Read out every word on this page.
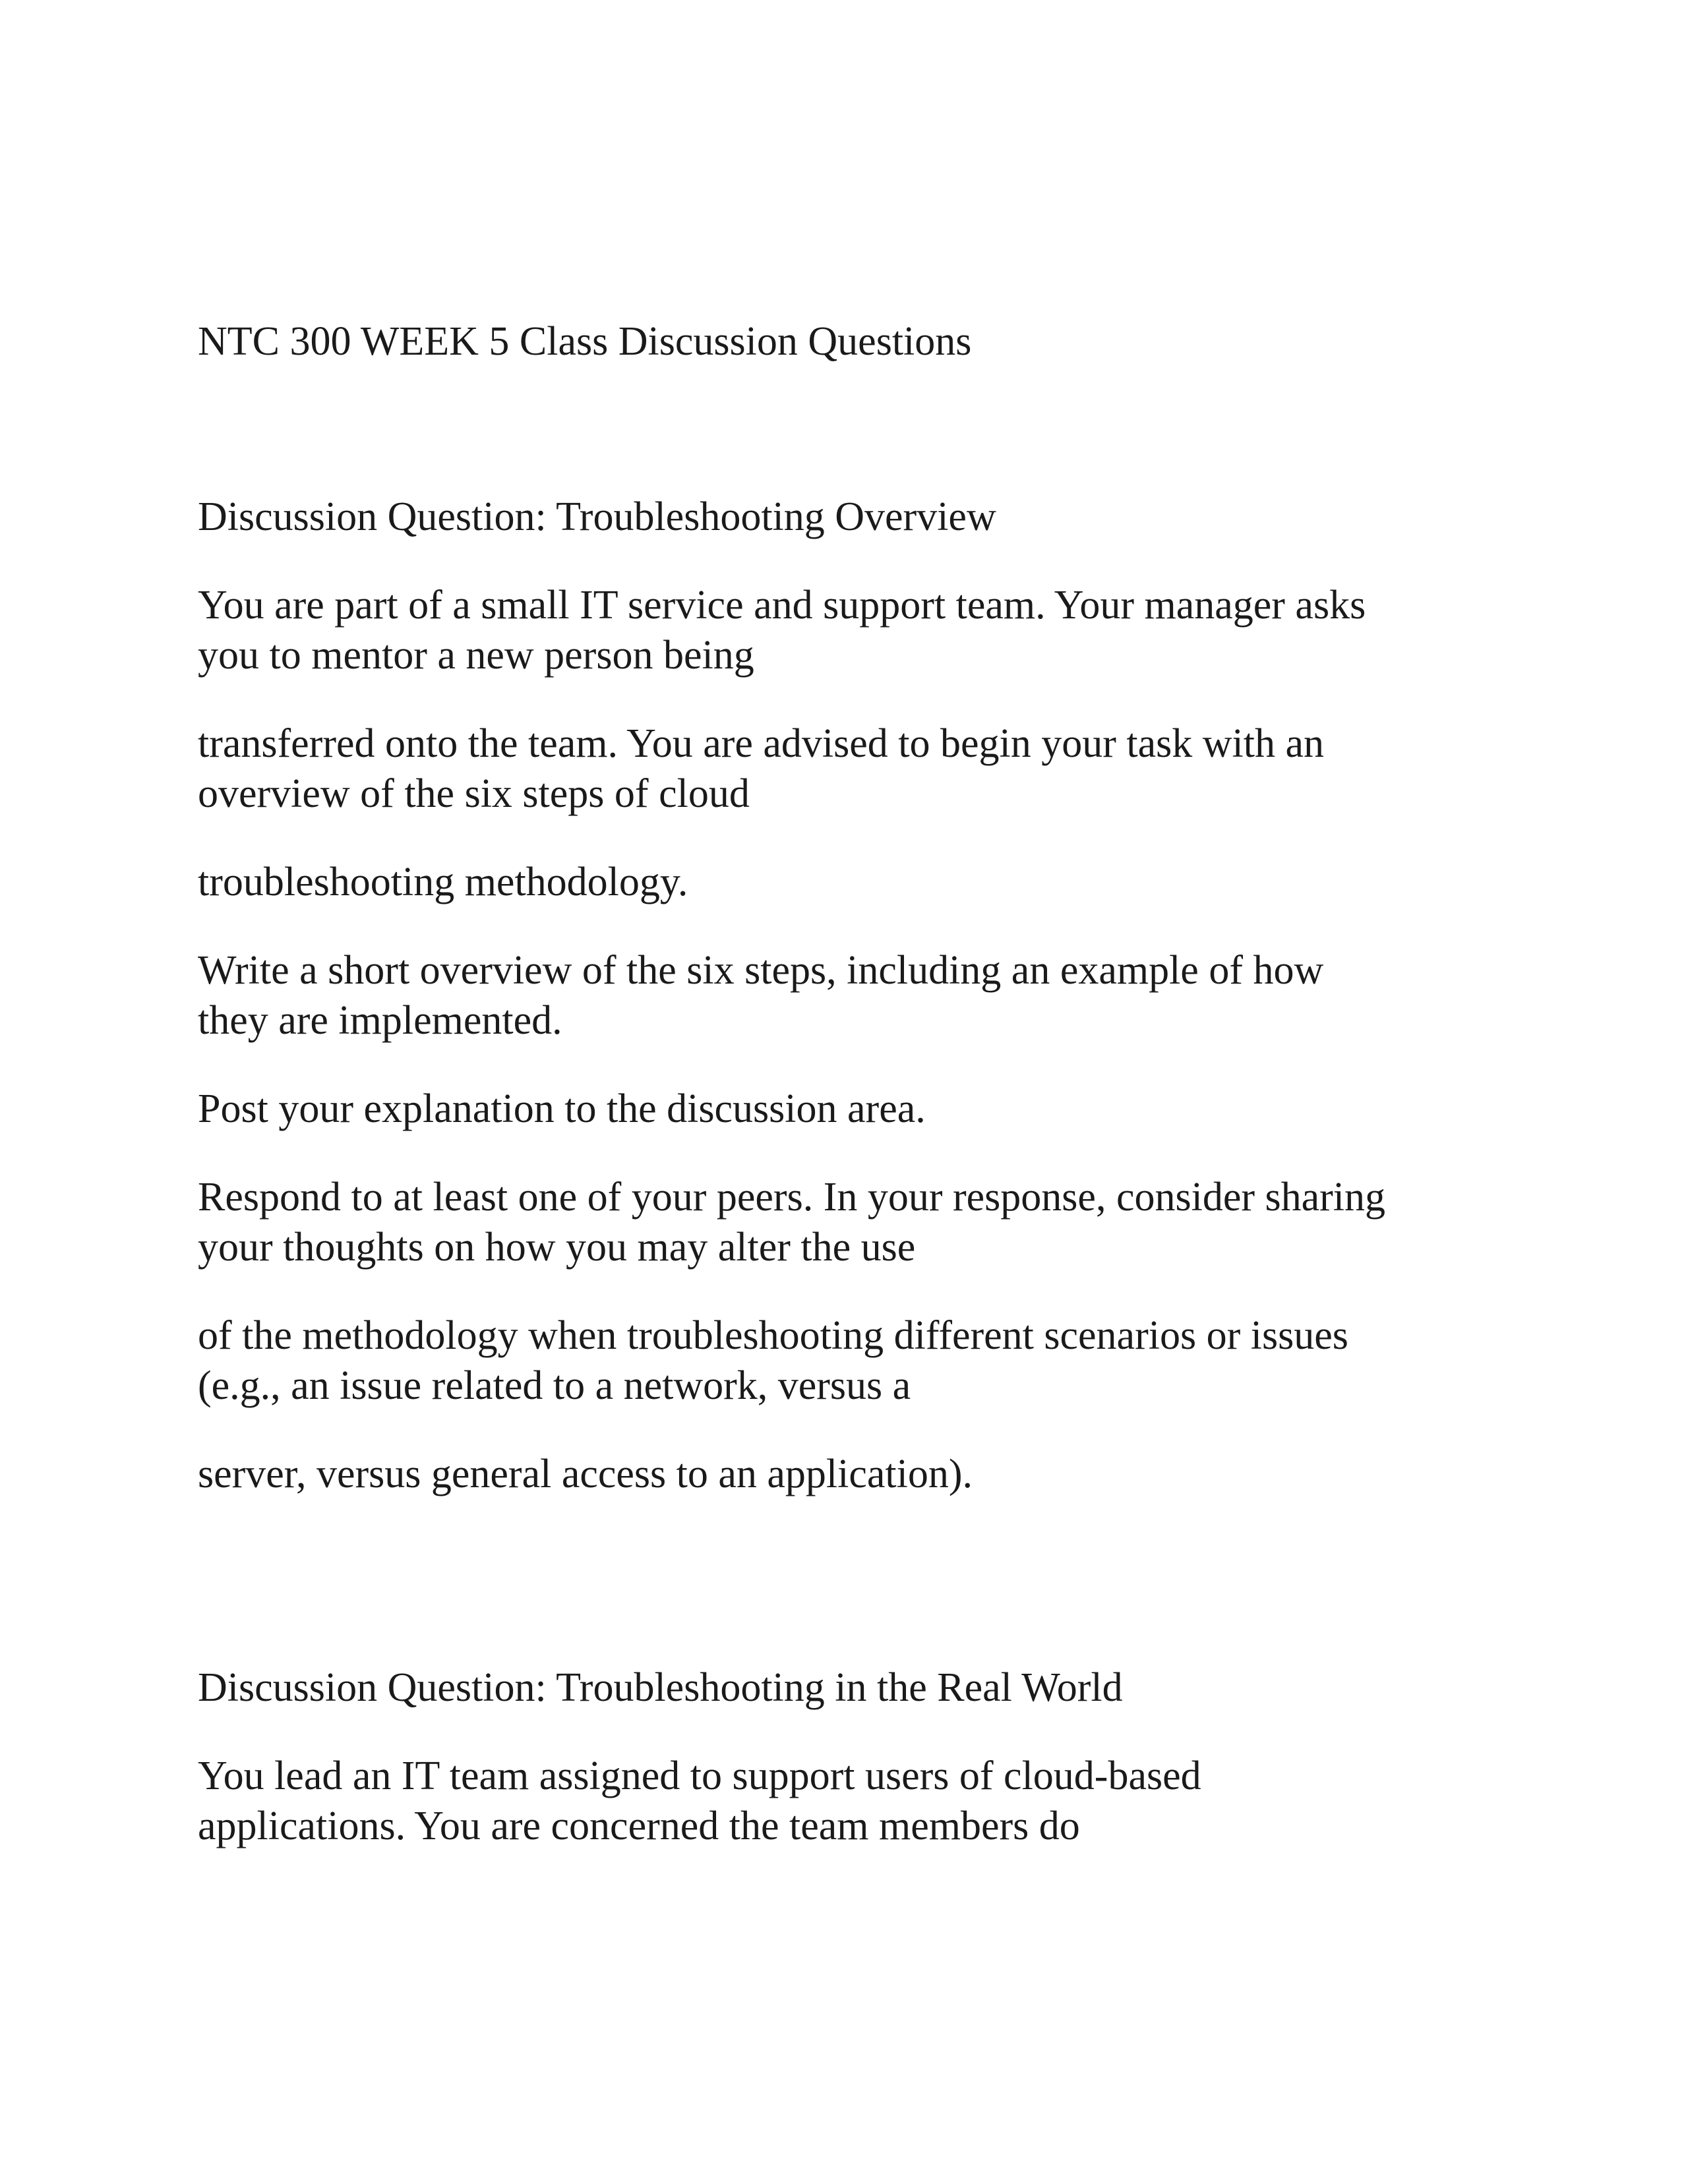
NTC 300 WEEK 5 Class Discussion Questions

Discussion Question: Troubleshooting Overview

You are part of a small IT service and support team. Your manager asks

you to mentor a new person being

transferred onto the team. You are advised to begin your task with an

overview of the six steps of cloud

troubleshooting methodology.

Write a short overview of the six steps, including an example of how

they are implemented.

Post your explanation to the discussion area.

Respond to at least one of your peers. In your response, consider sharing

your thoughts on how you may alter the use

of the methodology when troubleshooting different scenarios or issues

(e.g., an issue related to a network, versus a

server, versus general access to an application).

Discussion Question: Troubleshooting in the Real World

You lead an IT team assigned to support users of cloud-based

applications. You are concerned the team members do
